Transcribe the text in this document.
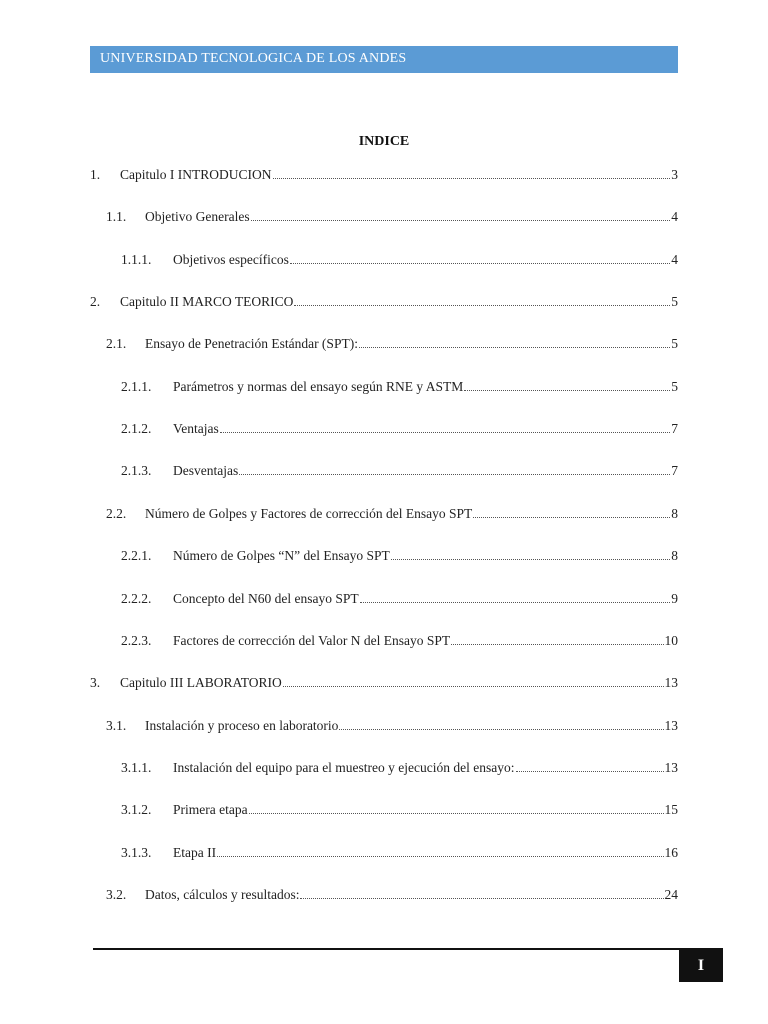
UNIVERSIDAD TECNOLOGICA DE LOS ANDES
INDICE
1.	Capitulo I INTRODUCION	3
1.1.	Objetivo Generales	4
1.1.1.	Objetivos específicos	4
2.	Capitulo II MARCO TEORICO	5
2.1.	Ensayo de Penetración Estándar (SPT):	5
2.1.1.	Parámetros y normas del ensayo según RNE y ASTM	5
2.1.2.	Ventajas	7
2.1.3.	Desventajas	7
2.2.	Número de Golpes y Factores de corrección del Ensayo SPT	8
2.2.1.	Número de Golpes “N” del Ensayo SPT	8
2.2.2.	Concepto del N60 del ensayo SPT	9
2.2.3.	Factores de corrección del Valor N del Ensayo SPT	10
3.	Capitulo III LABORATORIO	13
3.1.	Instalación y proceso en laboratorio	13
3.1.1.	Instalación del equipo para el muestreo y ejecución del ensayo:	13
3.1.2.	Primera etapa	15
3.1.3.	Etapa II	16
3.2.	Datos, cálculos y resultados:	24
I
